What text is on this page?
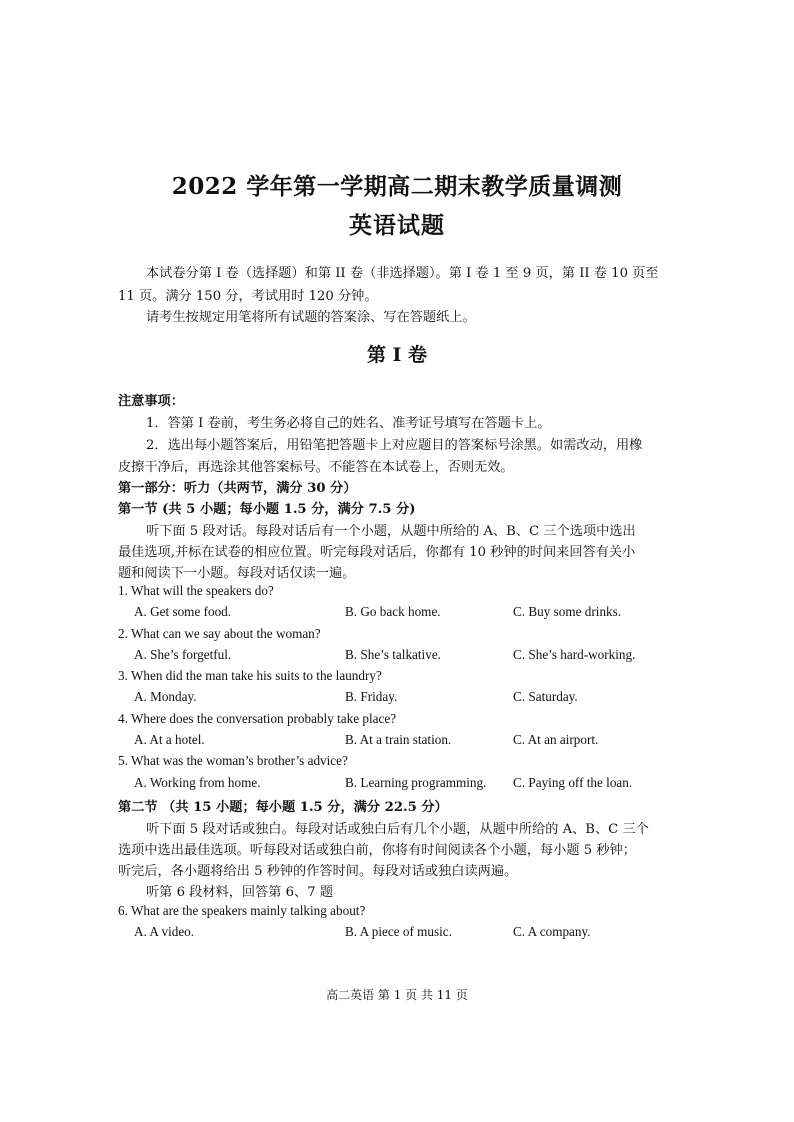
2022 学年第一学期高二期末教学质量调测
英语试题
本试卷分第 I 卷（选择题）和第 II 卷（非选择题）。第 I 卷 1 至 9 页，第 II 卷 10 页至
11 页。满分 150 分，考试用时 120 分钟。
请考生按规定用笔将所有试题的答案涂、写在答题纸上。
第 I 卷
注意事项：
1．答第 I 卷前，考生务必将自己的姓名、准考证号填写在答题卡上。
2．选出每小题答案后，用铅笔把答题卡上对应题目的答案标号涂黑。如需改动，用橡
皮擦干净后，再选涂其他答案标号。不能答在本试卷上，否则无效。
第一部分：听力（共两节，满分 30 分）
第一节 (共 5 小题；每小题 1.5 分，满分 7.5 分)
听下面 5 段对话。每段对话后有一个小题，从题中所给的 A、B、C 三个选项中选出
最佳选项,并标在试卷的相应位置。听完每段对话后，你都有 10 秒钟的时间来回答有关小
题和阅读下一小题。每段对话仅读一遍。
1. What will the speakers do?
A. Get some food.	B. Go back home.	C. Buy some drinks.
2. What can we say about the woman?
A. She’s forgetful.	B. She’s talkative.	C. She’s hard-working.
3. When did the man take his suits to the laundry?
A. Monday.	B. Friday.	C. Saturday.
4. Where does the conversation probably take place?
A. At a hotel.	B. At a train station.	C. At an airport.
5. What was the woman’s brother’s advice?
A. Working from home.	B. Learning programming. C. Paying off the loan.
第二节 （共 15 小题；每小题 1.5 分，满分 22.5 分）
听下面 5 段对话或独白。每段对话或独白后有几个小题，从题中所给的 A、B、C 三个
选项中选出最佳选项。听每段对话或独白前，你将有时间阅读各个小题，每小题 5 秒钟；
听完后，各小题将给出 5 秒钟的作答时间。每段对话或独白读两遍。
听第 6 段材料，回答第 6、7 题
6. What are the speakers mainly talking about?
A. A video.	B. A piece of music.	C. A company.
高二英语 第 1 页 共 11 页
